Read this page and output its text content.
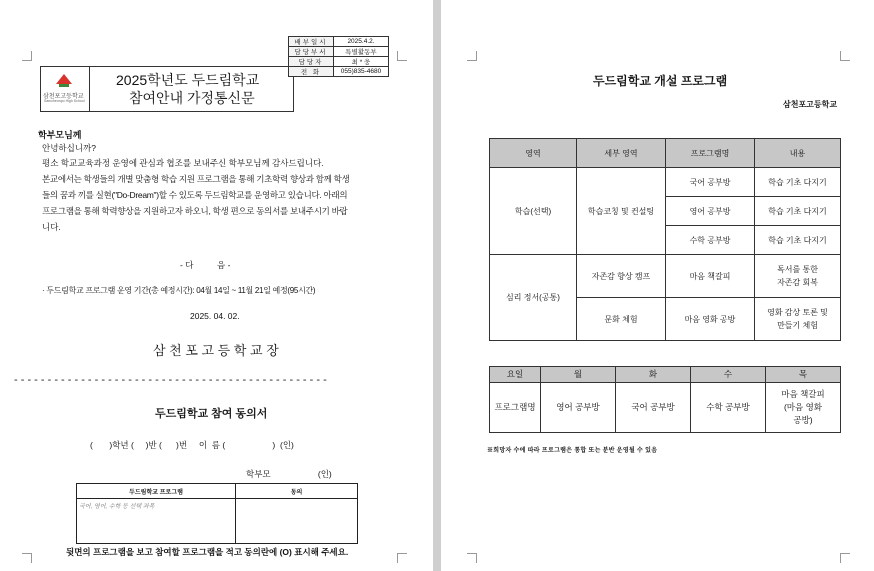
삼천포고등학교
Samcheonpo High School
2025학년도 두드림학교
참여안내 가정통신문
배부일시	2025.4.2.
담당부서	특별활동부
담당자	최 * 웅
전 화	055)835-4680
학부모님께
안녕하십니까?
평소 학교교육과정 운영에 관심과 협조를 보내주신 학부모님께 감사드립니다.
본교에서는 학생들의 개별 맞춤형 학습 지원 프로그램을 통해 기초학력 향상과 함께 학생
들의 꿈과 끼를 실현("Do-Dream")할 수 있도록 두드림학교를 운영하고 있습니다. 아래의
프로그램을 통해 학력향상을 지원하고자 하오니, 학생 편으로 동의서를 보내주시기 바랍
니다.
- 다          음 -
· 두드림학교 프로그램 운영 기간(총 예정시간): 04월 14일 ~ 11월 21일 예정(95시간)
2025. 04. 02.
삼 천 포 고 등 학 교 장
- - - - - - - - - - - - - - - - - - - - - - - - - - - - - - - - - - - - - - - - - - - - - - -
두드림학교 참여 동의서
(       )학년 (     )반 (      )번     이  름 (                    )  (인)
학부모                    (인)
두드림학교 프로그램	동의
국어, 영어, 수학 등 선택 과목	
뒷면의 프로그램을 보고 참여할 프로그램을 적고 동의란에 (O) 표시해 주세요.
두드림학교 개설 프로그램
삼천포고등학교
영역	세부 영역	프로그램명	내용
학습(선택)	학습코칭 및 컨설팅	국어 공부방	학습 기초 다지기
		영어 공부방	학습 기초 다지기
		수학 공부방	학습 기초 다지기
심리 정서(공통)	자존감 향상 캠프	마음 책갈피	독서를 통한
자존감 회복

	문화 체험	마음 영화 공방	영화 감상 토론 및
만들기 체험
요일	월	화	수	목
프로그램명	영어 공부방	국어 공부방	수학 공부방	마음 책갈피
(마음 영화
공방)
※희망자 수에 따라 프로그램은 통합 또는 분반 운영될 수 있음
